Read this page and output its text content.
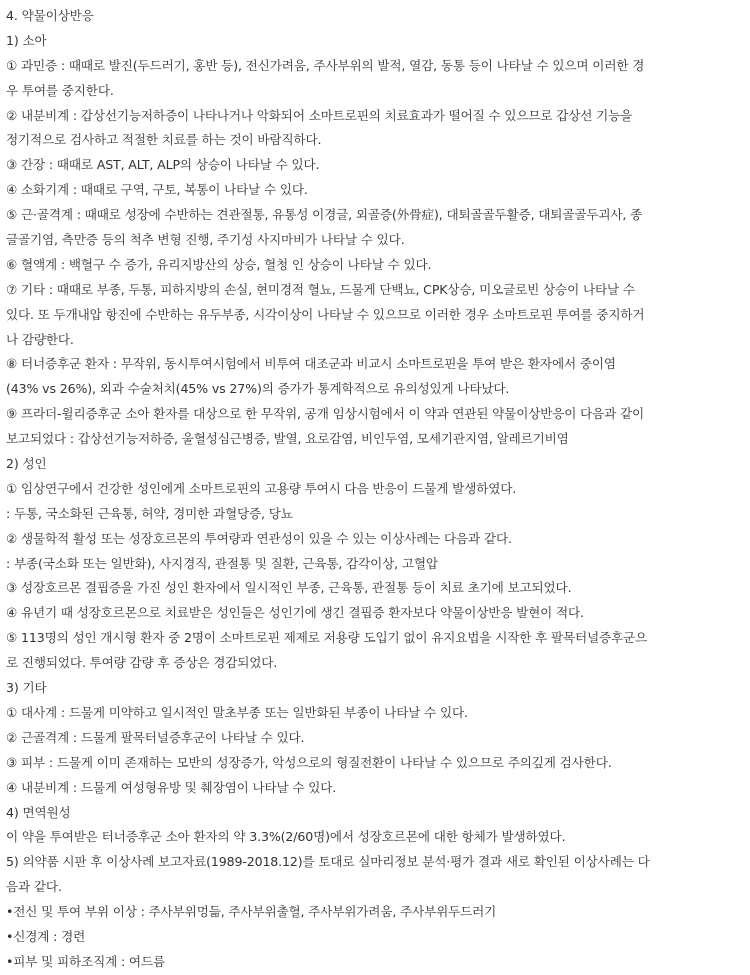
4. 약물이상반응
1) 소아
① 과민증 : 때때로 발진(두드러기, 홍반 등), 전신가려움, 주사부위의 발적, 열감, 동통 등이 나타날 수 있으며 이러한 경
우 투여를 중지한다.
② 내분비계 : 갑상선기능저하증이 나타나거나 악화되어 소마트로핀의 치료효과가 떨어질 수 있으므로 갑상선 기능을
정기적으로 검사하고 적절한 치료를 하는 것이 바람직하다.
③ 간장 : 때때로 AST, ALT, ALP의 상승이 나타날 수 있다.
④ 소화기계 : 때때로 구역, 구토, 복통이 나타날 수 있다.
⑤ 근·골격계 : 때때로 성장에 수반하는 견관절통, 유통성 이경글, 외골증(外骨症), 대퇴골골두활증, 대퇴골골두괴사, 종
글골기염, 측만증 등의 척추 변형 진행, 주기성 사지마비가 나타날 수 있다.
⑥ 혈액계 : 백혈구 수 증가, 유리지방산의 상승, 혈청 인 상승이 나타날 수 있다.
⑦ 기타 : 때때로 부종, 두통, 피하지방의 손실, 현미경적 혈뇨, 드물게 단백뇨, CPK상승, 미오글로빈 상승이 나타날 수
있다. 또 두개내압 항진에 수반하는 유두부종, 시각이상이 나타날 수 있으므로 이러한 경우 소마트로핀 투여를 중지하거
나 감량한다.
⑧ 터너증후군 환자 : 무작위, 동시투여시험에서 비투여 대조군과 비교시 소마트로핀을 투여 받은 환자에서 중이염
(43% vs 26%), 외과 수술처치(45% vs 27%)의 증가가 통계학적으로 유의성있게 나타났다.
⑨ 프라더-윌리증후군 소아 환자를 대상으로 한 무작위, 공개 임상시험에서 이 약과 연관된 약물이상반응이 다음과 같이
보고되었다 : 갑상선기능저하증, 울혈성심근병증, 발열, 요로감염, 비인두염, 모세기관지염, 알레르기비염
2) 성인
① 임상연구에서 건강한 성인에게 소마트로핀의 고용량 투여시 다음 반응이 드물게 발생하였다.
: 두통, 국소화된 근육통, 허약, 경미한 과혈당증, 당뇨
② 생물학적 활성 또는 성장호르몬의 투여량과 연관성이 있을 수 있는 이상사례는 다음과 같다.
: 부종(국소화 또는 일반화), 사지경직, 관절통 및 질환, 근육통, 감각이상, 고혈압
③ 성장호르몬 결핍증을 가진 성인 환자에서 일시적인 부종, 근육통, 관절통 등이 치료 초기에 보고되었다.
④ 유년기 때 성장호르몬으로 치료받은 성인들은 성인기에 생긴 결핍증 환자보다 약물이상반응 발현이 적다.
⑤ 113명의 성인 개시형 환자 중 2명이 소마트로핀 제제로 저용량 도입기 없이 유지요법을 시작한 후 팔목터널증후군으
로 진행되었다. 투여량 감량 후 증상은 경감되었다.
3) 기타
① 대사계 : 드물게 미약하고 일시적인 말초부종 또는 일반화된 부종이 나타날 수 있다.
② 근골격계 : 드물게 팔목터널증후군이 나타날 수 있다.
③ 피부 : 드물게 이미 존재하는 모반의 성장증가, 악성으로의 형질전환이 나타날 수 있으므로 주의깊게 검사한다.
④ 내분비계 : 드물게 여성형유방 및 췌장염이 나타날 수 있다.
4) 면역원성
이 약을 투여받은 터너증후군 소아 환자의 약 3.3%(2/60명)에서 성장호르몬에 대한 항체가 발생하였다.
5) 의약품 시판 후 이상사례 보고자료(1989-2018.12)를 토대로 실마리정보 분석·평가 결과 새로 확인된 이상사례는 다
음과 같다.
•전신 및 투여 부위 이상 : 주사부위멍듦, 주사부위출혈, 주사부위가려움, 주사부위두드러기
•신경계 : 경련
•피부 및 피하조직계 : 여드름
